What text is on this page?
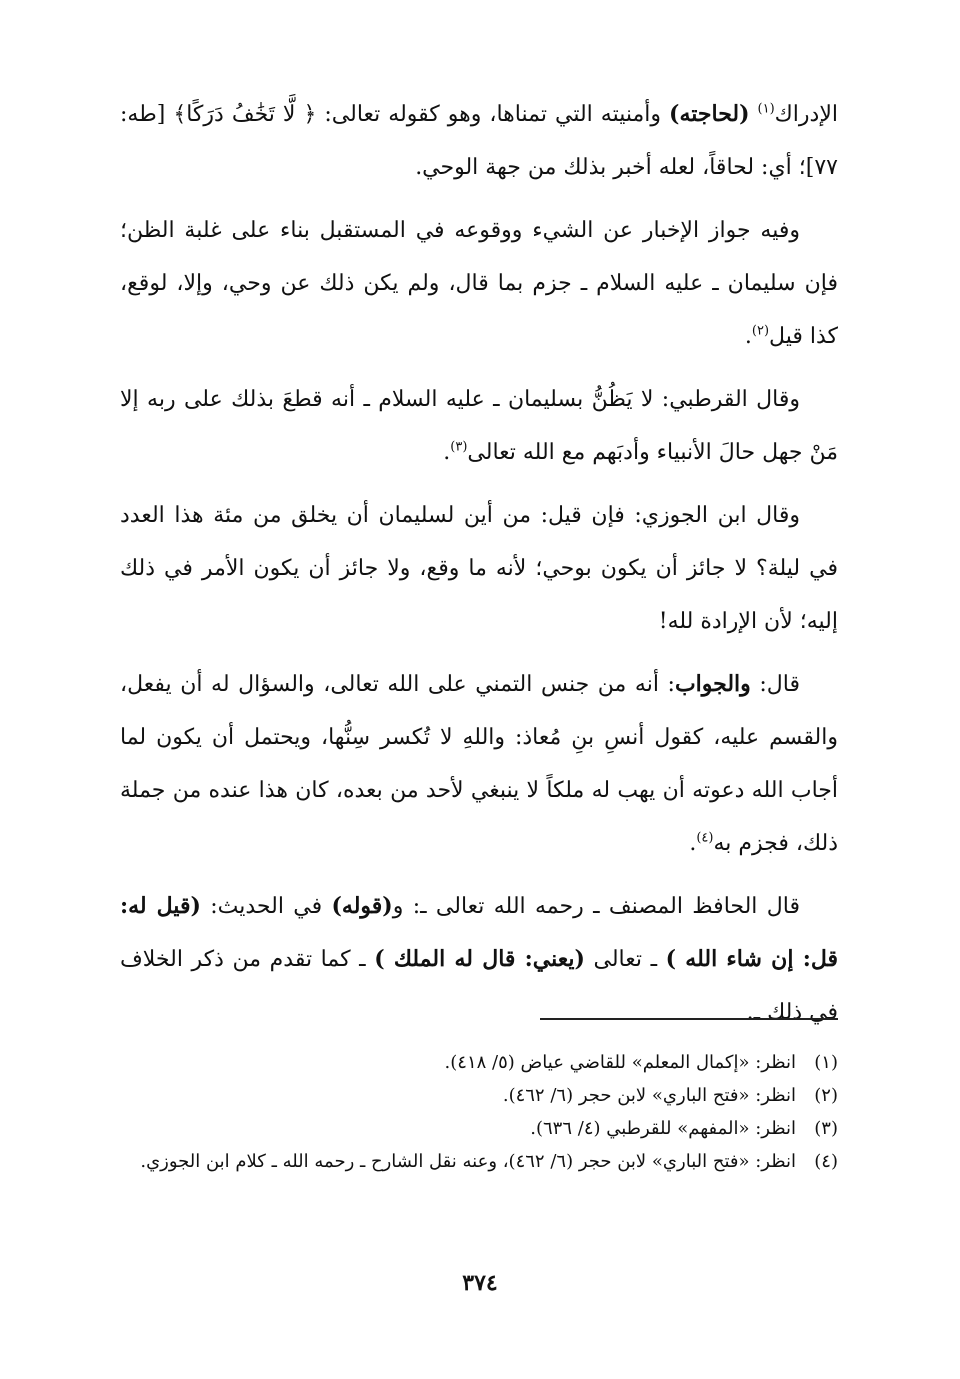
الإدراك$^{(١)}$ (لحاجته) وأمنيته التي تمناها، وهو كقوله تعالى: ﴿ لَّا تَخَٰفُ دَرَكًا﴾ [طه: ٧٧]؛ أي: لحاقاً، لعله أخبر بذلك من جهة الوحي.

وفيه جواز الإخبار عن الشيء ووقوعه في المستقبل بناء على غلبة الظن؛ فإن سليمان ـ عليه السلام ـ جزم بما قال، ولم يكن ذلك عن وحي، وإلا، لوقع، كذا قيل$^{(٢)}$.

وقال القرطبي: لا يَظُنُّ بسليمان ـ عليه السلام ـ أنه قطعَ بذلك على ربه إلا مَنْ جهل حالَ الأنبياء وأدبَهم مع الله تعالى$^{(٣)}$.

وقال ابن الجوزي: فإن قيل: من أين لسليمان أن يخلق من مئة هذا العدد في ليلة؟ لا جائز أن يكون بوحي؛ لأنه ما وقع، ولا جائز أن يكون الأمر في ذلك إليه؛ لأن الإرادة لله!

قال: والجواب: أنه من جنس التمني على الله تعالى، والسؤال له أن يفعل، والقسم عليه، كقول أنسِ بنِ مُعاذ: واللهِ لا تُكسر سِنُّها، ويحتمل أن يكون لما أجاب الله دعوته أن يهب له ملكاً لا ينبغي لأحد من بعده، كان هذا عنده من جملة ذلك، فجزم به$^{(٤)}$.

قال الحافظ المصنف ـ رحمه الله تعالى ـ: و(قوله) في الحديث: (قيل له: قل: إن شاء الله ) ـ تعالى (يعني: قال له الملك ) ـ كما تقدم من ذكر الخلاف في ذلك ـ.

(١)
انظر: «إكمال المعلم» للقاضي عياض (٥/ ٤١٨).
(٢)
انظر: «فتح الباري» لابن حجر (٦/ ٤٦٢).
(٣)
انظر: «المفهم» للقرطبي (٤/ ٦٣٦).
(٤)
انظر: «فتح الباري» لابن حجر (٦/ ٤٦٢)، وعنه نقل الشارح ـ رحمه الله ـ كلام ابن الجوزي.
٣٧٤
